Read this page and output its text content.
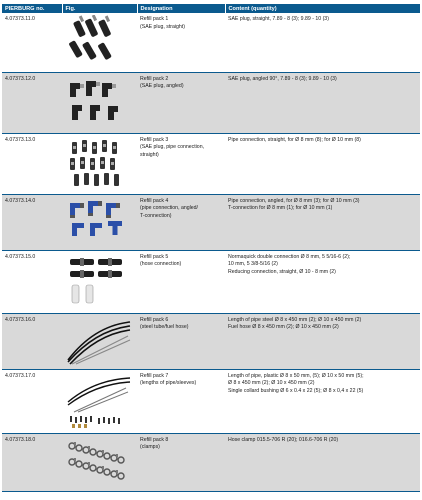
PIERBURG no.	Fig.	Designation	Content (quantity)
4.07373.11.0		Refill pack 1
(SAE plug, straight)	SAE plug, straight, 7.89 - 8 (3); 9.89 - 10 (3)

4.07373.12.0		Refill pack 2
(SAE plug, angled)	SAE plug, angled 90°, 7.89 - 8 (3); 9.89 - 10 (3)

4.07373.13.0		Refill pack 3
(SAE plug, pipe connection,
straight)	Pipe connection, straight, for Ø 8 mm (8); for Ø 10 mm (8)

4.07373.14.0		Refill pack 4
(pipe connection, angled/
T-connection)	Pipe connection, angled, for Ø 8 mm (3); for Ø 10 mm (3)
T-connection for Ø 8 mm (1); for Ø 10 mm (1)

4.07373.15.0		Refill pack 5
(hose connection)	Normaquick double connection Ø 8 mm, 5 5/16-6 (2);
10 mm, 5 3/8-5/16 (2)
Reducing connection, straight, Ø 10 - 8 mm (2)

4.07373.16.0		Refill pack 6
(steel tube/fuel hose)	Length of pipe steel Ø 8 x 450 mm (2); Ø 10 x 450 mm (2)
Fuel hose Ø 8 x 450 mm (2); Ø 10 x 450 mm (2)

4.07373.17.0		Refill pack 7
(lengths of pipe/sleeves)	Length of pipe, plastic Ø 8 x 50 mm, (5); Ø 10 x 50 mm (5);
Ø 8 x 450 mm (2); Ø 10 x 450 mm (2)
Single collard bushing Ø 6 x 0.4 x 22 (5); Ø 8 x 0,4 x 22 (5)

4.07373.18.0		Refill pack 8
(clamps)	Hose clamp 015.5-706 R (20); 016.6-706 R (20)
